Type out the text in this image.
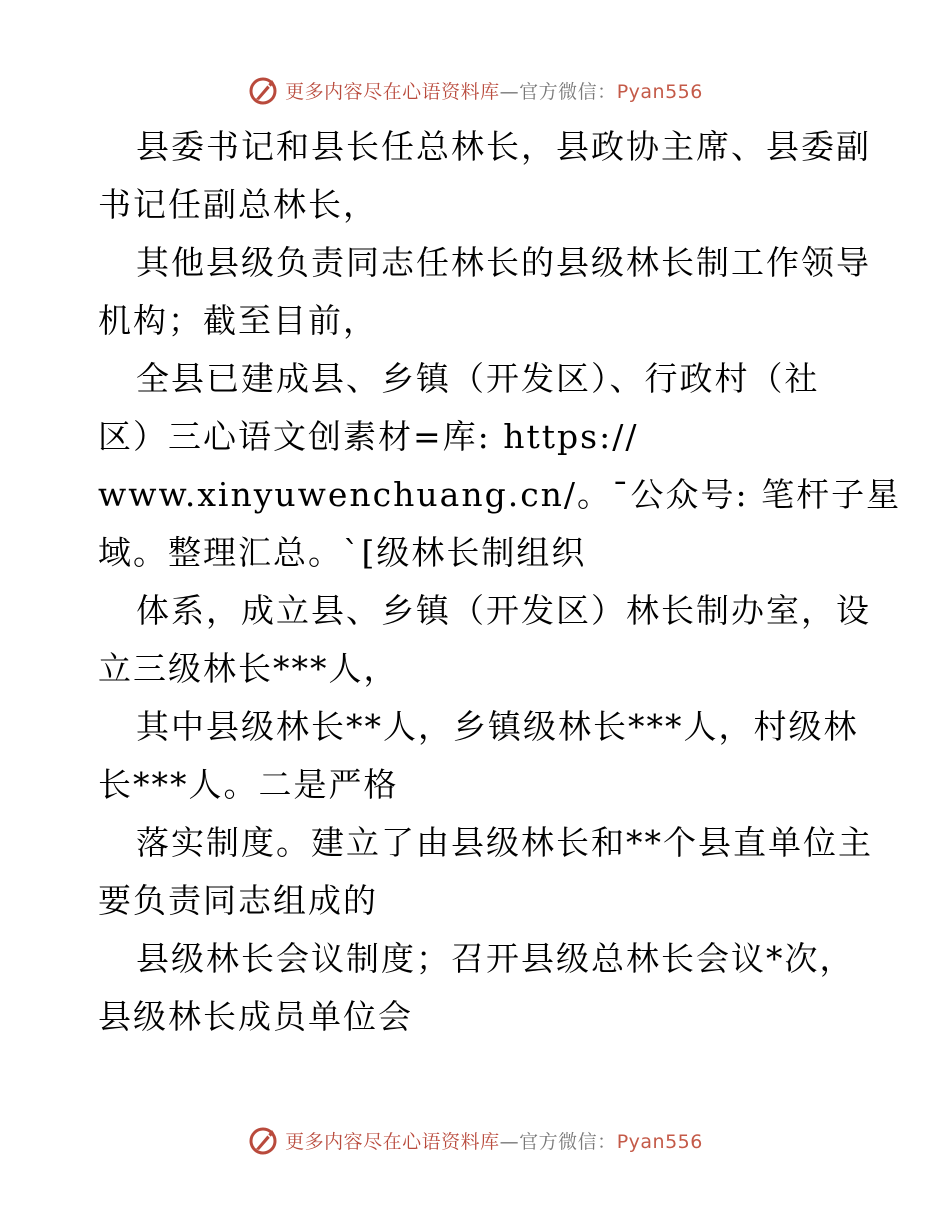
更多内容尽在心语资料库—官方微信：Pyan556
县委书记和县长任总林长，县政协主席、县委副
书记任副总林长，
其他县级负责同志任林长的县级林长制工作领导
机构；截至目前，
全县已建成县、乡镇（开发区）、行政村（社
区）三心语文创素材=库: https://
www.xinyuwenchuang.cn/。¯公众号: 笔杆子星
域。整理汇总。`[级林长制组织
体系，成立县、乡镇（开发区）林长制办室，设
立三级林长***人，
其中县级林长**人，乡镇级林长***人，村级林
长***人。二是严格
落实制度。建立了由县级林长和**个县直单位主
要负责同志组成的
县级林长会议制度；召开县级总林长会议*次，
县级林长成员单位会
更多内容尽在心语资料库—官方微信：Pyan556
